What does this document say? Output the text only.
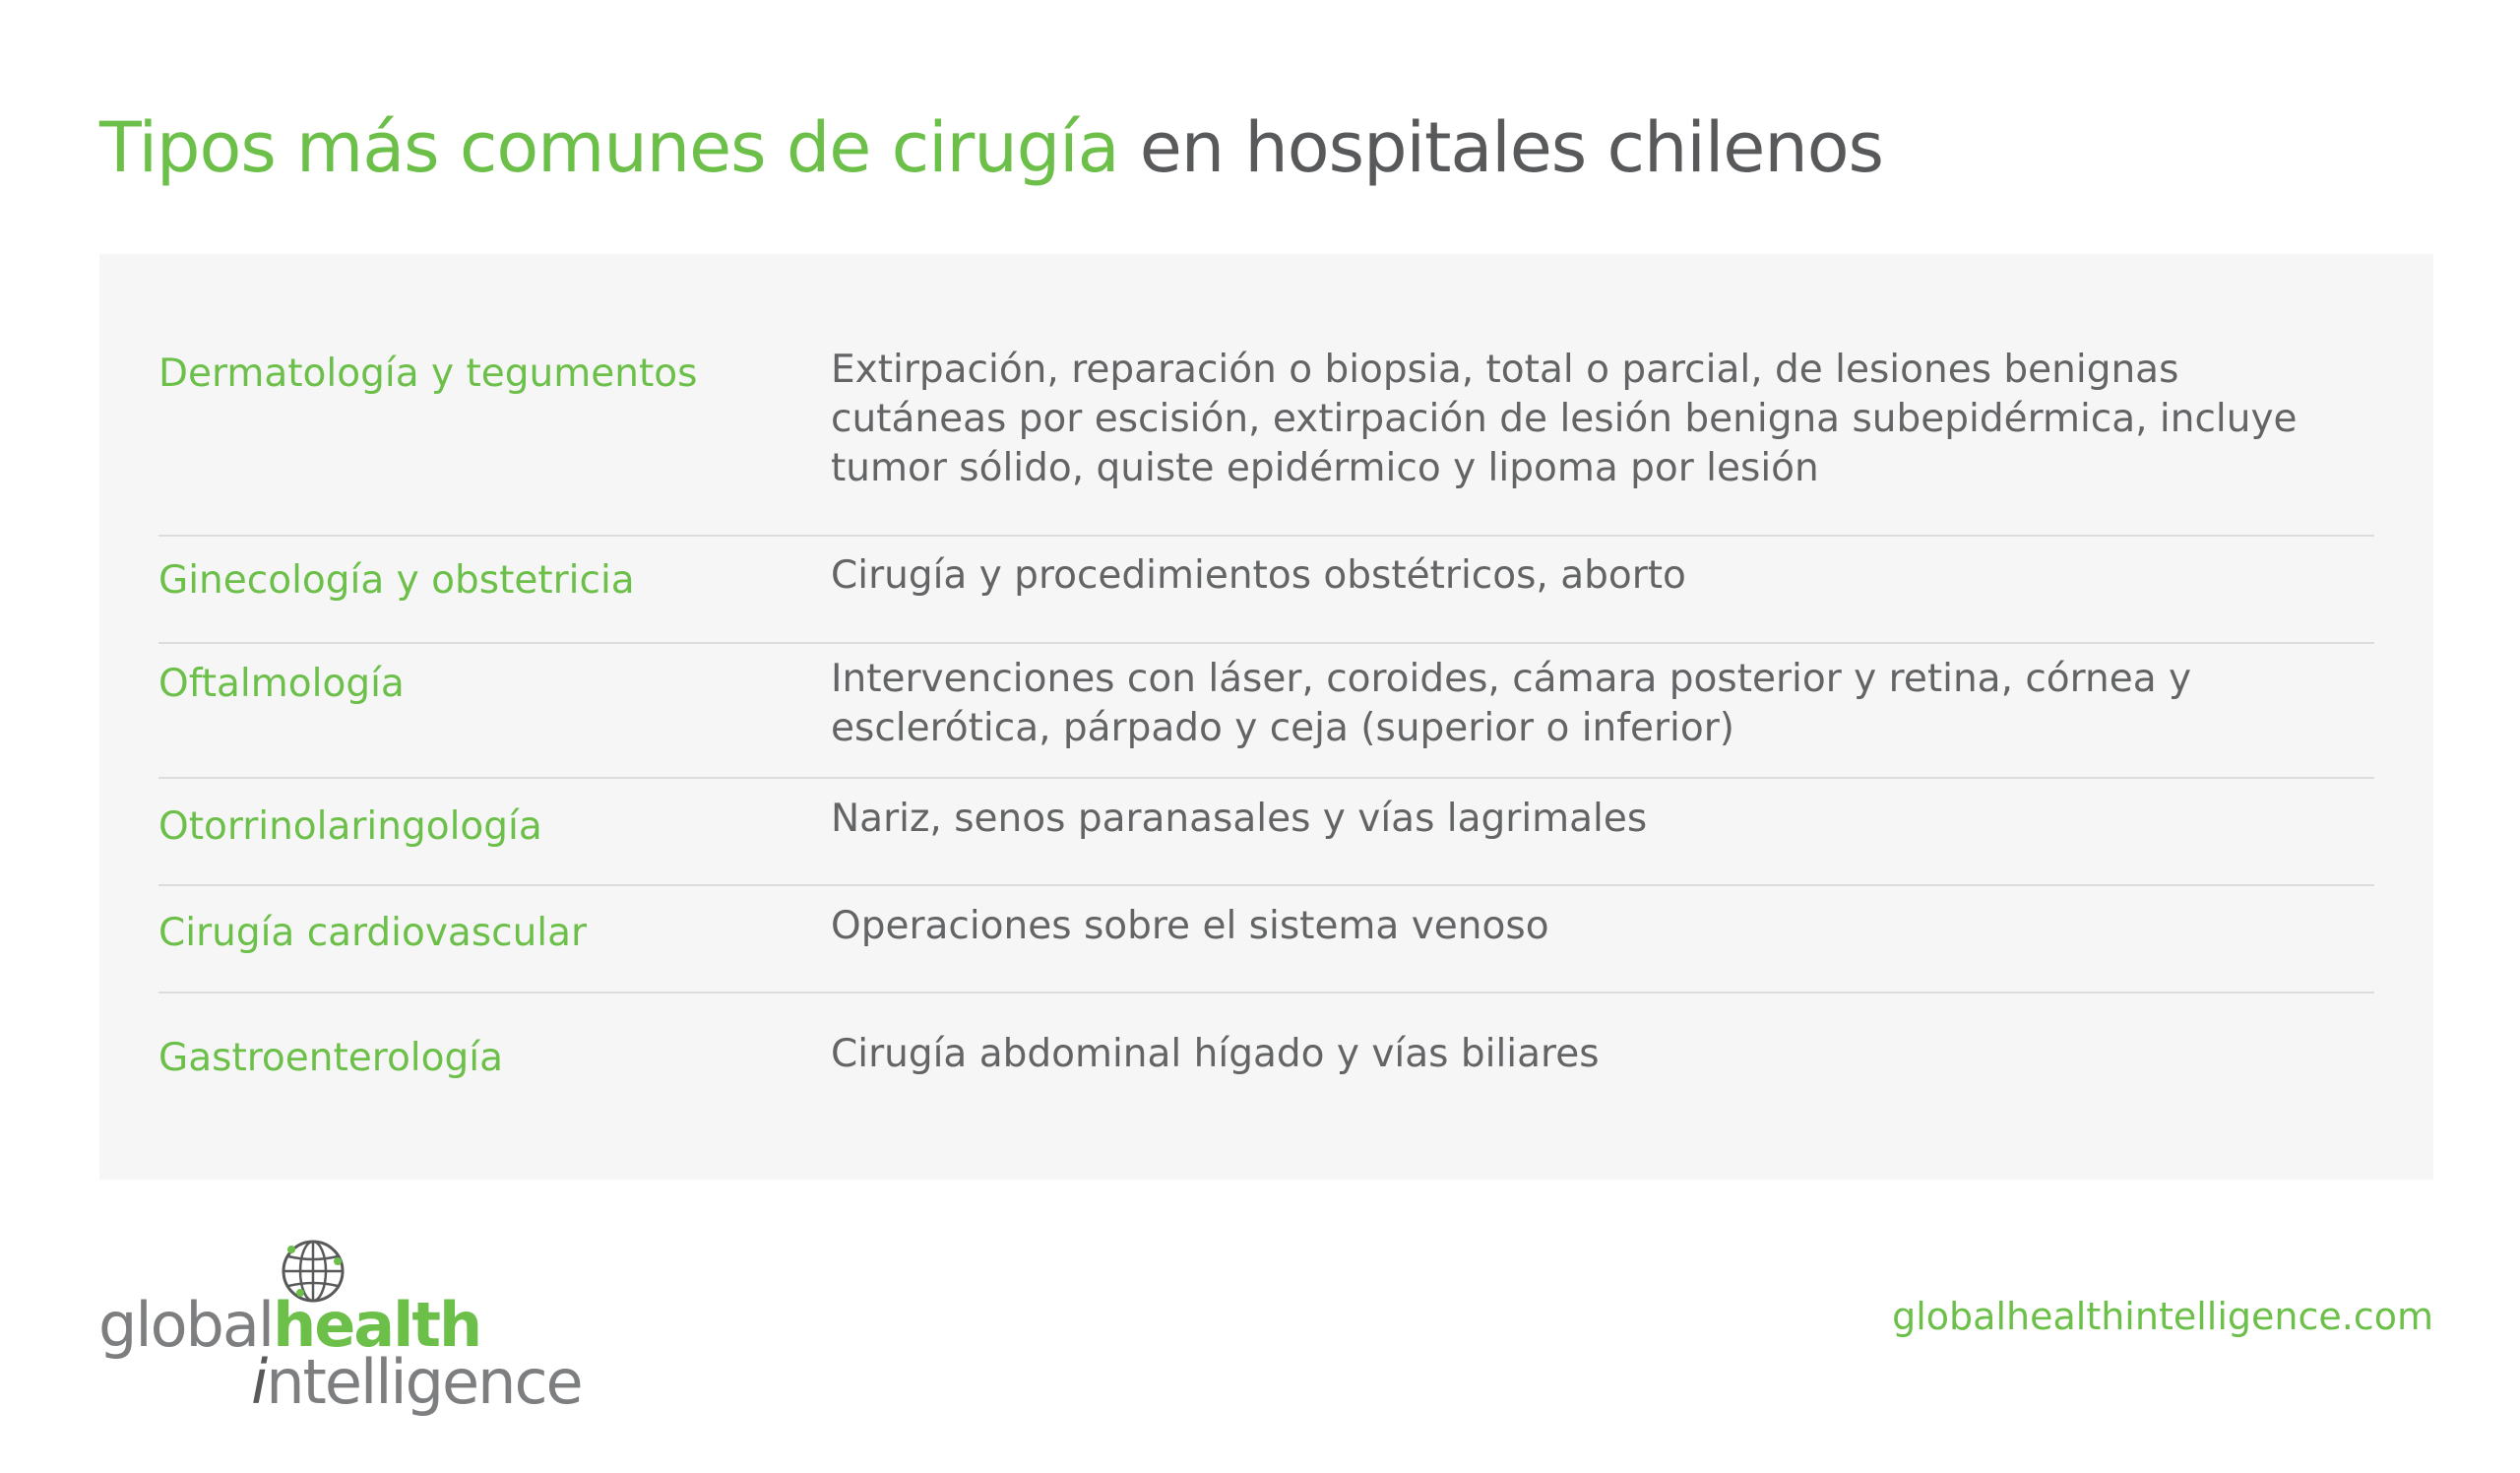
Tipos más comunes de cirugía en hospitales chilenos
Dermatología y tegumentos	Extirpación, reparación o biopsia, total o parcial, de lesiones benignas cutáneas por escisión, extirpación de lesión benigna subepidérmica, incluye tumor sólido, quiste epidérmico y lipoma por lesión
Ginecología y obstetricia	Cirugía y procedimientos obstétricos, aborto
Oftalmología	Intervenciones con láser, coroides, cámara posterior y retina, córnea y esclerótica, párpado y ceja (superior o inferior)
Otorrinolaringología	Nariz, senos paranasales y vías lagrimales
Cirugía cardiovascular	Operaciones sobre el sistema venoso
Gastroenterología	Cirugía abdominal hígado y vías biliares
globalhealth
intelligence
globalhealthintelligence.com
